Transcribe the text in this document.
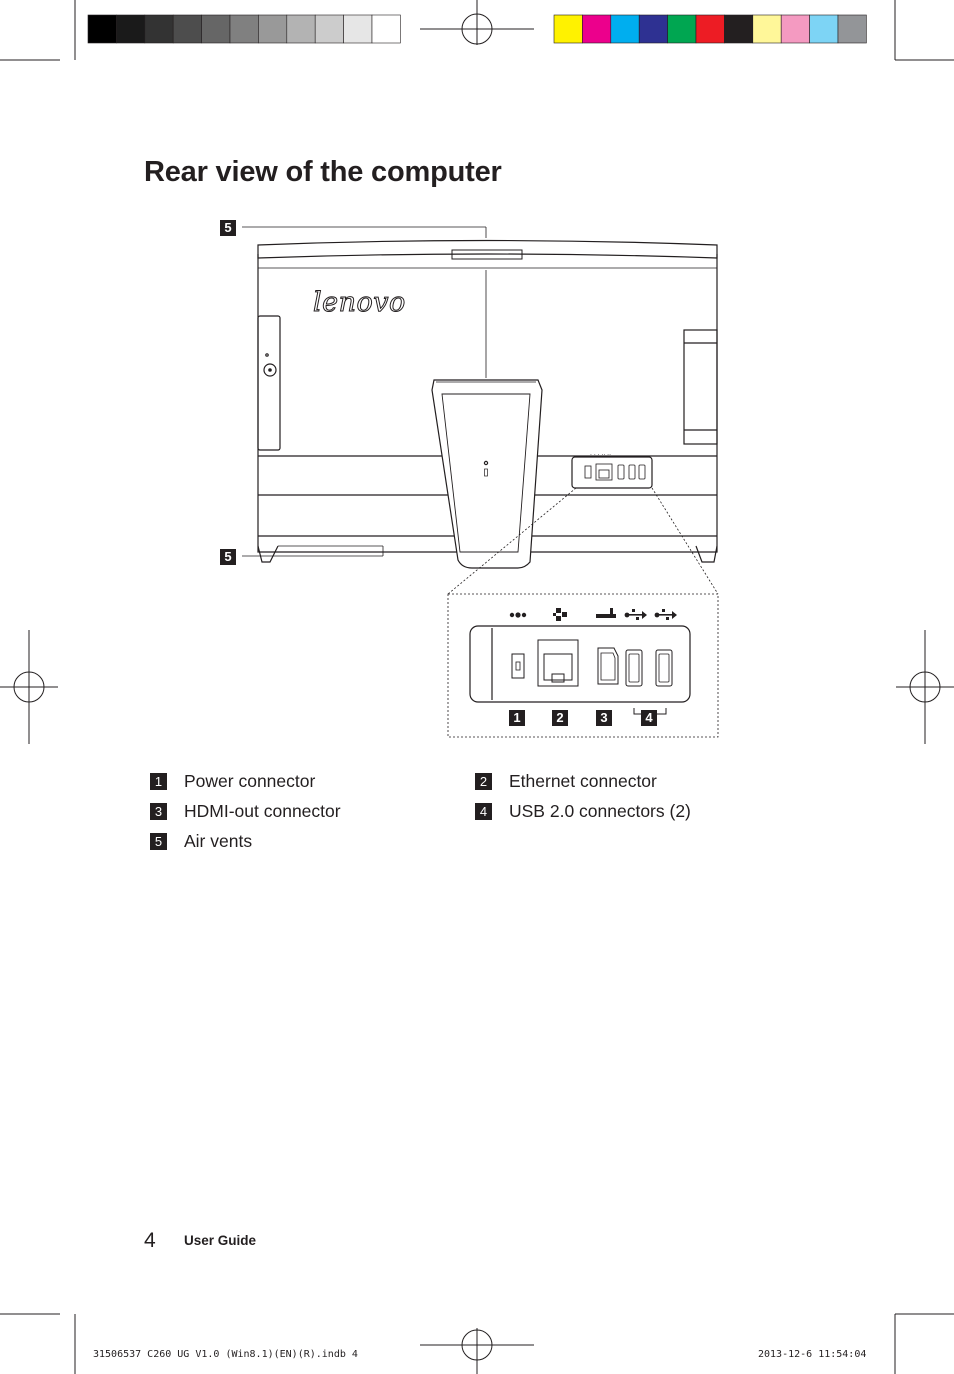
Rear view of the computer
· · · ·· ··
lenovo
5
5
1	2	3	4
1 Power connector	2 Ethernet connector
3 HDMI-out connector	4 USB 2.0 connectors (2)
5 Air vents
4 User Guide
31506537 C260 UG V1.0 (Win8.1)(EN)(R).indb 4	2013-12-6 11:54:04
